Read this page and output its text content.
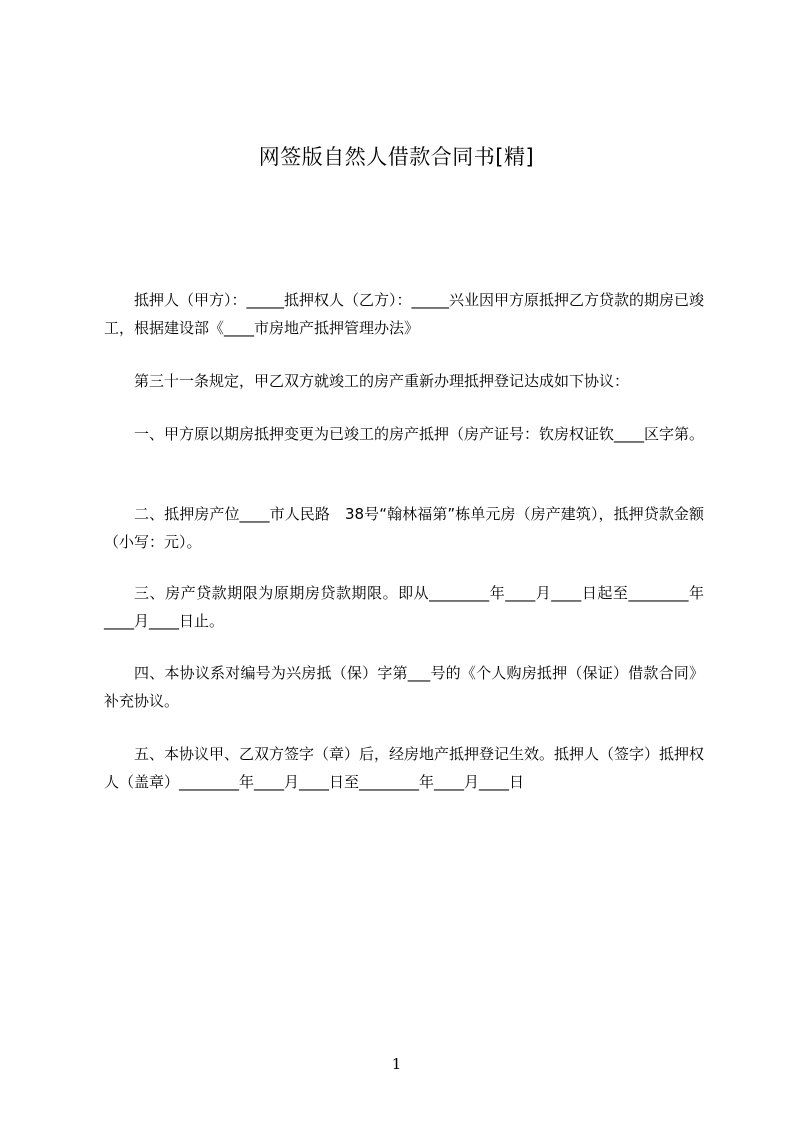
网签版自然人借款合同书[精]

抵押人（甲方）：_____抵押权人（乙方）：_____兴业因甲方原抵押乙方贷款的期房已竣工，根据建设部《____市房地产抵押管理办法》

第三十一条规定，甲乙双方就竣工的房产重新办理抵押登记达成如下协议：

一、甲方原以期房抵押变更为已竣工的房产抵押（房产证号：钦房权证钦____区字第。

二、抵押房产位____市人民路　38号“翰林福第”栋单元房（房产建筑），抵押贷款金额（小写：元）。

三、房产贷款期限为原期房贷款期限。即从________年____月____日起至________年____月____日止。

四、本协议系对编号为兴房抵（保）字第___号的《个人购房抵押（保证）借款合同》补充协议。

五、本协议甲、乙双方签字（章）后，经房地产抵押登记生效。抵押人（签字）抵押权人（盖章）________年____月____日至________年____月____日

1
